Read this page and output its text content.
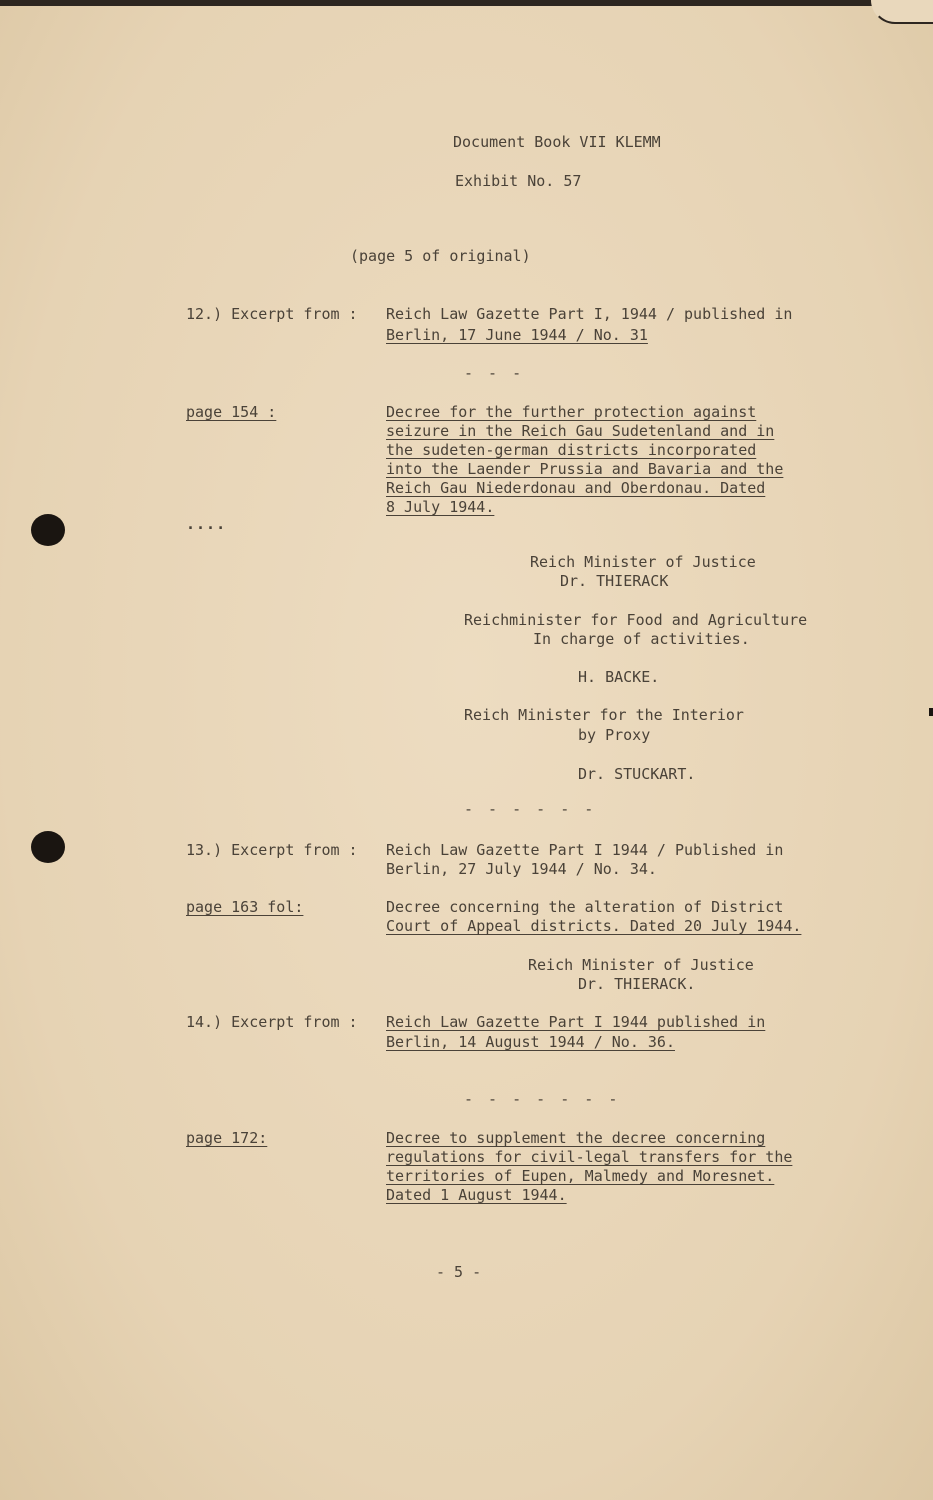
Document Book VII KLEMM
Exhibit No. 57
(page 5 of original)
12.) Excerpt from : Reich Law Gazette Part I, 1944 / published in
Berlin, 17 June 1944 / No. 31
- - -
page 154 :	Decree for the further protection against
seizure in the Reich Gau Sudetenland and in
the sudeten-german districts incorporated
into the Laender Prussia and Bavaria and the
Reich Gau Niederdonau and Oberdonau. Dated
8 July 1944.
....
Reich Minister of Justice
Dr. THIERACK
Reichminister for Food and Agriculture
In charge of activities.
H. BACKE.
Reich Minister for the Interior
by Proxy
Dr. STUCKART.
- - - - - -
13.) Excerpt from : Reich Law Gazette Part I 1944 / Published in
Berlin, 27 July 1944 / No. 34.
page 163 fol:	Decree concerning the alteration of District
Court of Appeal districts. Dated 20 July 1944.
Reich Minister of Justice
Dr. THIERACK.
14.) Excerpt from : Reich Law Gazette Part I 1944 published in
Berlin, 14 August 1944 / No. 36.
- - - - - - -
page 172:	Decree to supplement the decree concerning
regulations for civil-legal transfers for the
territories of Eupen, Malmedy and Moresnet.
Dated 1 August 1944.
- 5 -
